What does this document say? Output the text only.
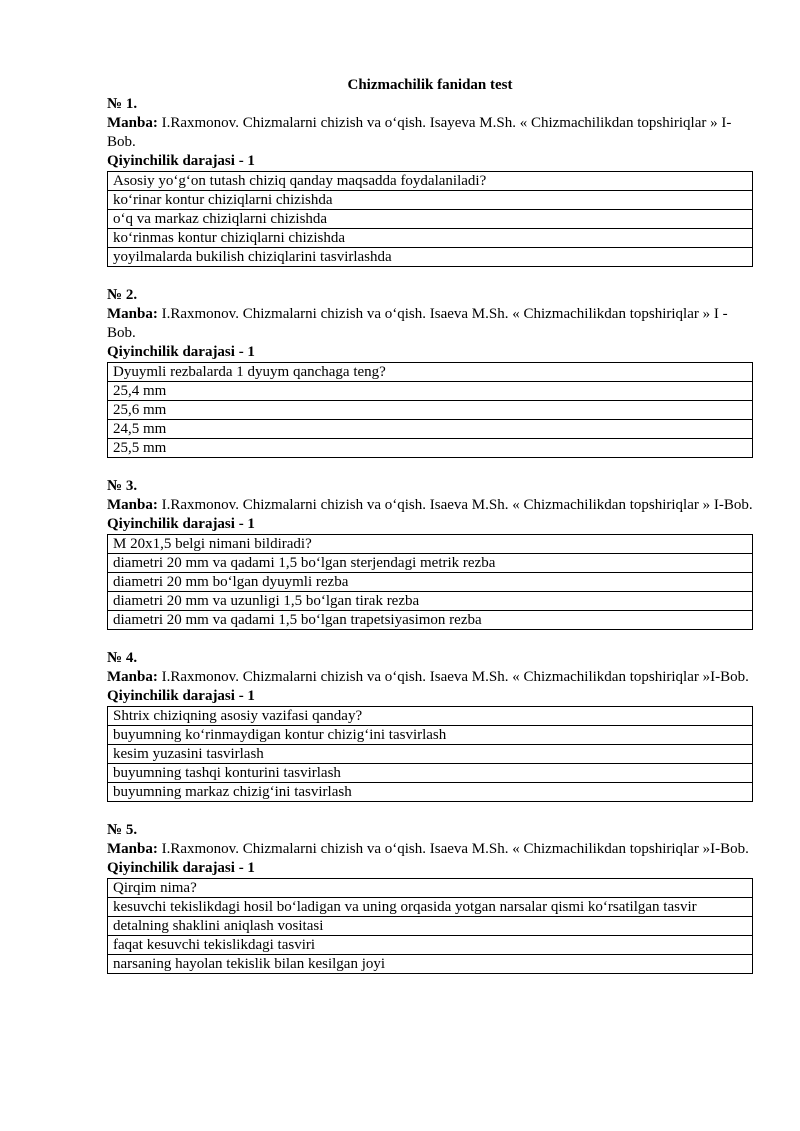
Chizmachilik fanidan test
№ 1.
Manba: I.Raxmonov. Chizmalarni chizish va o‘qish. Isayeva M.Sh. « Chizmachilikdan topshiriqlar » I-Bob.
Qiyinchilik darajasi - 1
Asosiy yo‘g‘on tutash chiziq qanday maqsadda foydalaniladi?
ko‘rinar kontur chiziqlarni chizishda
o‘q va markaz chiziqlarni chizishda
ko‘rinmas kontur chiziqlarni chizishda
yoyilmalarda bukilish chiziqlarini tasvirlashda
№ 2.
Manba: I.Raxmonov. Chizmalarni chizish va o‘qish. Isaeva M.Sh. « Chizmachilikdan topshiriqlar » I -Bob.
Qiyinchilik darajasi - 1
Dyuymli rezbalarda 1 dyuym qanchaga teng?
25,4 mm
25,6 mm
24,5 mm
25,5 mm
№ 3.
Manba: I.Raxmonov. Chizmalarni chizish va o‘qish. Isaeva M.Sh. « Chizmachilikdan topshiriqlar » I-Bob.
Qiyinchilik darajasi - 1
M 20x1,5 belgi nimani bildiradi?
diametri 20 mm va qadami 1,5 bo‘lgan sterjendagi metrik rezba
diametri 20 mm bo‘lgan dyuymli rezba
diametri 20 mm va uzunligi 1,5 bo‘lgan tirak rezba
diametri 20 mm va qadami 1,5 bo‘lgan trapetsiyasimon rezba
№ 4.
Manba: I.Raxmonov. Chizmalarni chizish va o‘qish. Isaeva M.Sh. « Chizmachilikdan topshiriqlar »I-Bob.
Qiyinchilik darajasi - 1
Shtrix chiziqning asosiy vazifasi qanday?
buyumning ko‘rinmaydigan kontur chizig‘ini tasvirlash
kesim yuzasini tasvirlash
buyumning tashqi konturini tasvirlash
buyumning markaz chizig‘ini tasvirlash
№ 5.
Manba: I.Raxmonov. Chizmalarni chizish va o‘qish. Isaeva M.Sh. « Chizmachilikdan topshiriqlar »I-Bob.
Qiyinchilik darajasi - 1
Qirqim nima?
kesuvchi tekislikdagi hosil bo‘ladigan va uning orqasida yotgan narsalar qismi ko‘rsatilgan tasvir
detalning shaklini aniqlash vositasi
faqat kesuvchi tekislikdagi tasviri
narsaning hayolan tekislik bilan kesilgan joyi
